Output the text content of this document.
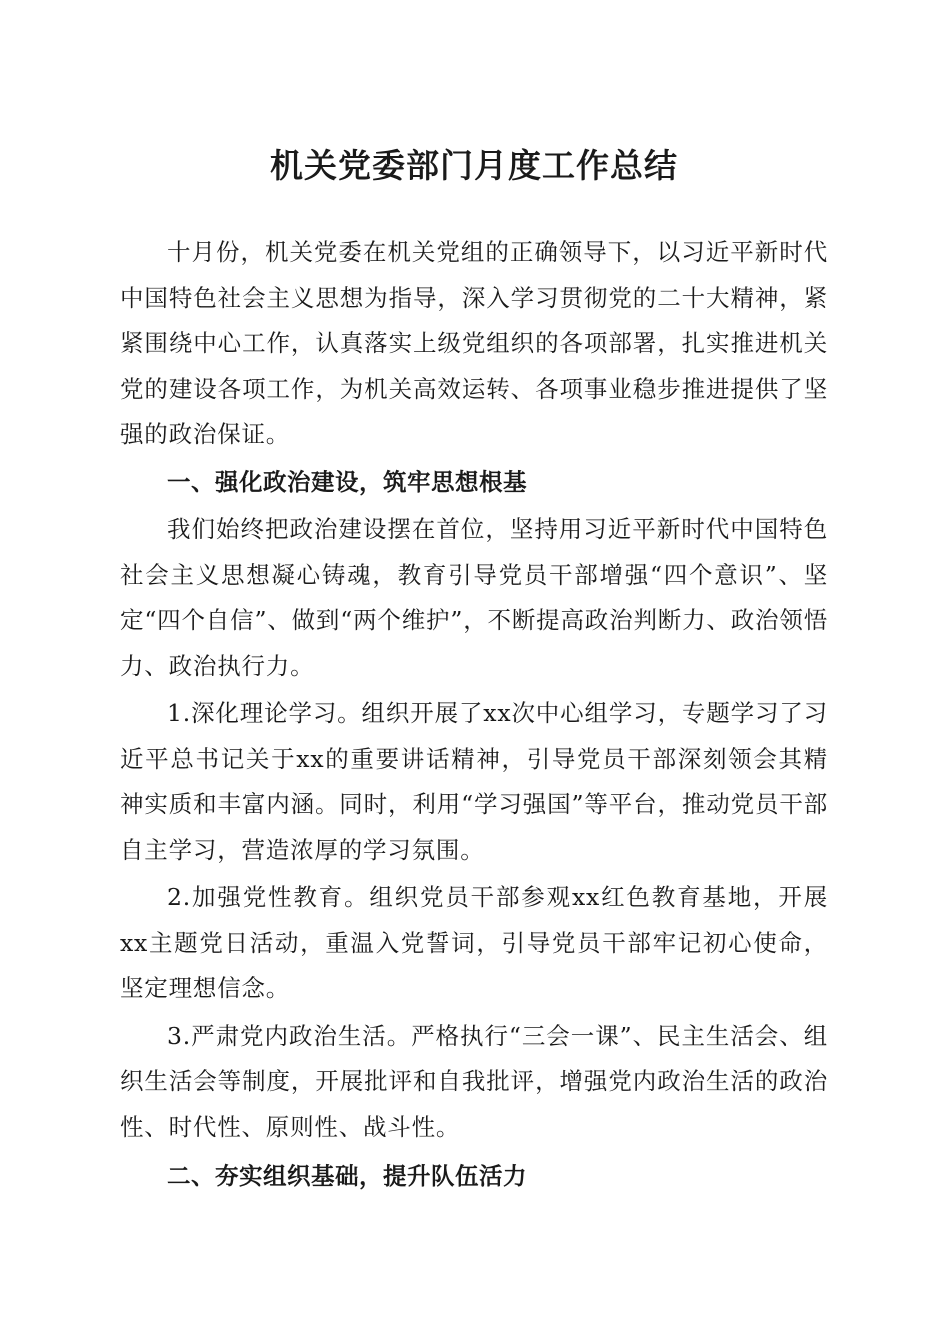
机关党委部门月度工作总结

十月份，机关党委在机关党组的正确领导下，以习近平新时代中国特色社会主义思想为指导，深入学习贯彻党的二十大精神，紧紧围绕中心工作，认真落实上级党组织的各项部署，扎实推进机关党的建设各项工作，为机关高效运转、各项事业稳步推进提供了坚强的政治保证。

一、强化政治建设，筑牢思想根基

我们始终把政治建设摆在首位，坚持用习近平新时代中国特色社会主义思想凝心铸魂，教育引导党员干部增强“四个意识”、坚定“四个自信”、做到“两个维护”，不断提高政治判断力、政治领悟力、政治执行力。

1.深化理论学习。组织开展了xx次中心组学习，专题学习了习近平总书记关于xx的重要讲话精神，引导党员干部深刻领会其精神实质和丰富内涵。同时，利用“学习强国”等平台，推动党员干部自主学习，营造浓厚的学习氛围。

2.加强党性教育。组织党员干部参观xx红色教育基地，开展xx主题党日活动，重温入党誓词，引导党员干部牢记初心使命，坚定理想信念。

3.严肃党内政治生活。严格执行“三会一课”、民主生活会、组织生活会等制度，开展批评和自我批评，增强党内政治生活的政治性、时代性、原则性、战斗性。

二、夯实组织基础，提升队伍活力
